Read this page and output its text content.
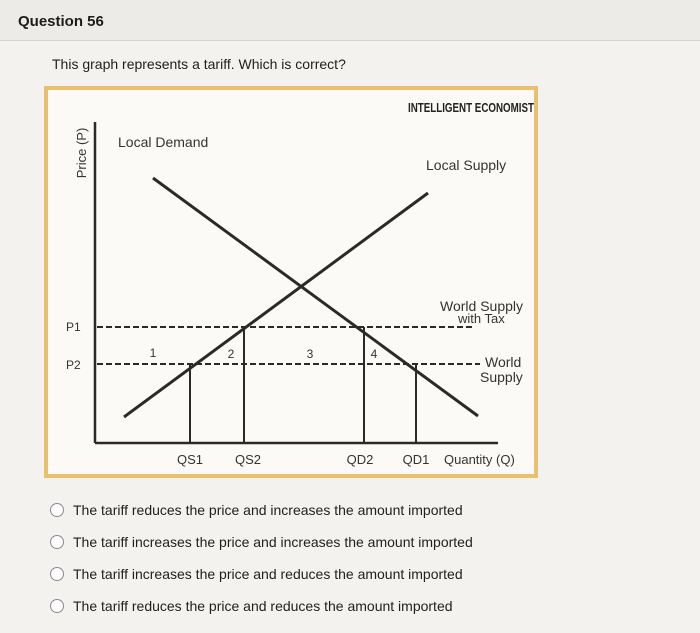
Question 56
This graph represents a tariff. Which is correct?
INTELLIGENT ECONOMIST
Price (P) Local Demand
Local Supply
World Supply
with Tax
World
Supply
P1
P2
1	2	3	4
QS1 QS2	QD2 QD1 Quantity (Q)
The tariff reduces the price and increases the amount imported
The tariff increases the price and increases the amount imported
The tariff increases the price and reduces the amount imported
The tariff reduces the price and reduces the amount imported
